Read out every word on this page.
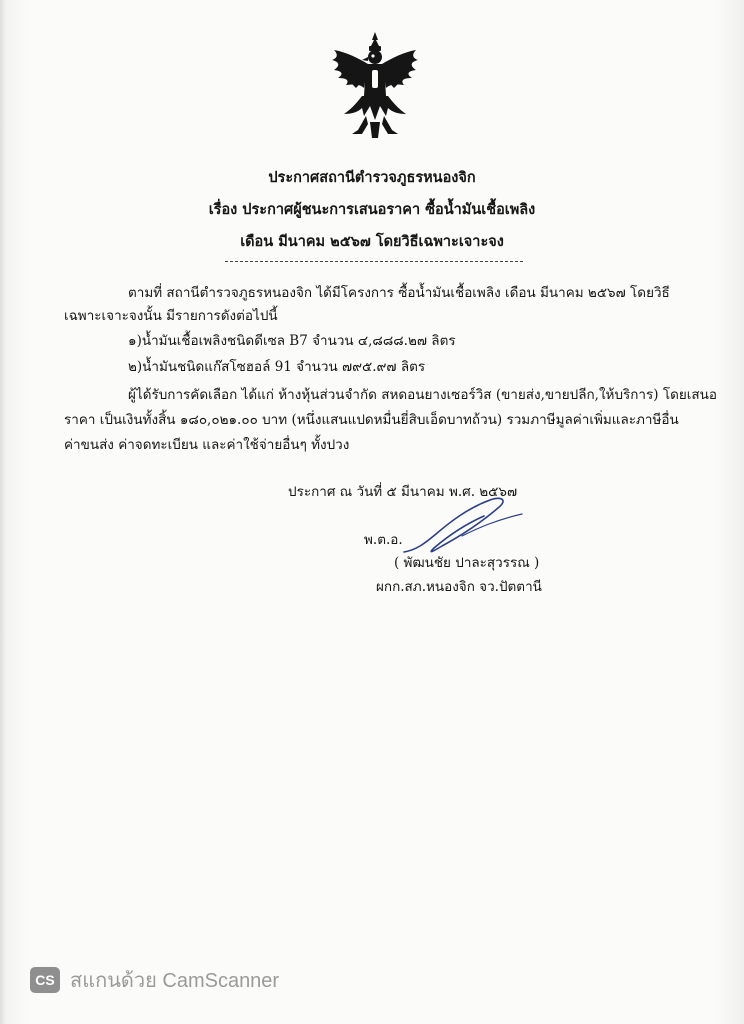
ประกาศสถานีตำรวจภูธรหนองจิก
เรื่อง ประกาศผู้ชนะการเสนอราคา ซื้อน้ำมันเชื้อเพลิง
เดือน มีนาคม ๒๕๖๗ โดยวิธีเฉพาะเจาะจง
ตามที่ สถานีตำรวจภูธรหนองจิก ได้มีโครงการ ซื้อน้ำมันเชื้อเพลิง เดือน มีนาคม ๒๕๖๗ โดยวิธี
เฉพาะเจาะจงนั้น มีรายการดังต่อไปนี้
๑)น้ำมันเชื้อเพลิงชนิดดีเซล B7 จำนวน ๔,๘๘๘.๒๗ ลิตร
๒)น้ำมันชนิดแก๊สโซฮอล์ 91 จำนวน ๗๙๕.๙๗ ลิตร
ผู้ได้รับการคัดเลือก ได้แก่ ห้างหุ้นส่วนจำกัด สหดอนยางเซอร์วิส (ขายส่ง,ขายปลีก,ให้บริการ) โดยเสนอ
ราคา เป็นเงินทั้งสิ้น ๑๘๐,๐๒๑.๐๐ บาท (หนึ่งแสนแปดหมื่นยี่สิบเอ็ดบาทถ้วน) รวมภาษีมูลค่าเพิ่มและภาษีอื่น
ค่าขนส่ง ค่าจดทะเบียน และค่าใช้จ่ายอื่นๆ ทั้งปวง
ประกาศ ณ วันที่ ๕ มีนาคม พ.ศ. ๒๕๖๗
พ.ต.อ.
( พัฒนชัย ปาละสุวรรณ )
ผกก.สภ.หนองจิก จว.ปัตตานี
CS สแกนด้วย CamScanner
